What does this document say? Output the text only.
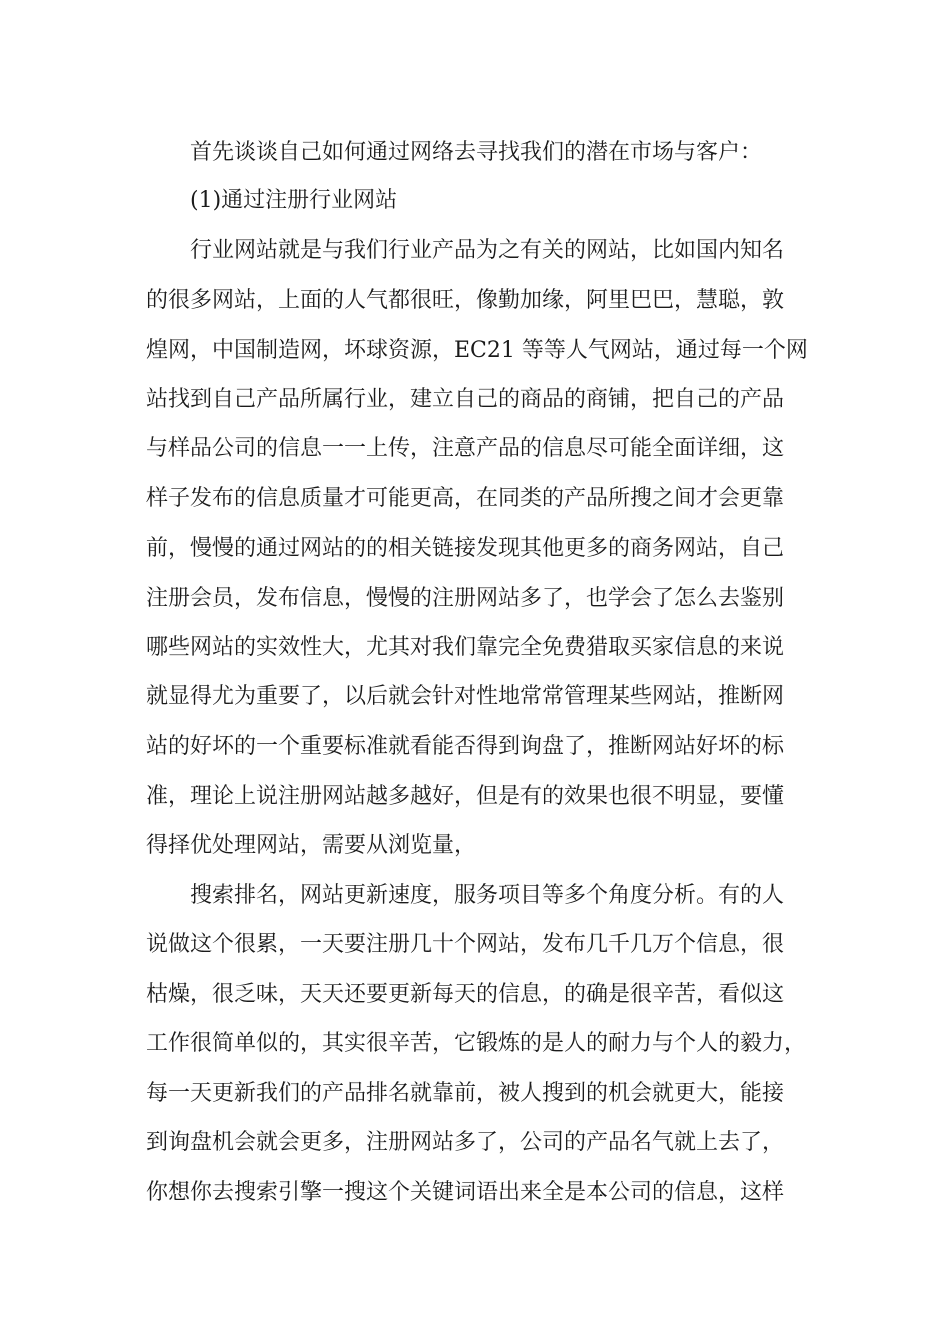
首先谈谈自己如何通过网络去寻找我们的潜在市场与客户：
(1)通过注册行业网站
行业网站就是与我们行业产品为之有关的网站，比如国内知名
的很多网站，上面的人气都很旺，像勤加缘，阿里巴巴，慧聪，敦
煌网，中国制造网，坏球资源，EC21 等等人气网站，通过每一个网
站找到自己产品所属行业，建立自己的商品的商铺，把自己的产品
与样品公司的信息一一上传，注意产品的信息尽可能全面详细，这
样子发布的信息质量才可能更高，在同类的产品所搜之间才会更靠
前，慢慢的通过网站的的相关链接发现其他更多的商务网站，自己
注册会员，发布信息，慢慢的注册网站多了，也学会了怎么去鉴别
哪些网站的实效性大，尤其对我们靠完全免费猎取买家信息的来说
就显得尤为重要了，以后就会针对性地常常管理某些网站，推断网
站的好坏的一个重要标准就看能否得到询盘了，推断网站好坏的标
准，理论上说注册网站越多越好，但是有的效果也很不明显，要懂
得择优处理网站，需要从浏览量，
搜索排名，网站更新速度，服务项目等多个角度分析。有的人
说做这个很累，一天要注册几十个网站，发布几千几万个信息，很
枯燥，很乏味，天天还要更新每天的信息，的确是很辛苦，看似这
工作很简单似的，其实很辛苦，它锻炼的是人的耐力与个人的毅力，
每一天更新我们的产品排名就靠前，被人搜到的机会就更大，能接
到询盘机会就会更多，注册网站多了，公司的产品名气就上去了，
你想你去搜索引擎一搜这个关键词语出来全是本公司的信息，这样
